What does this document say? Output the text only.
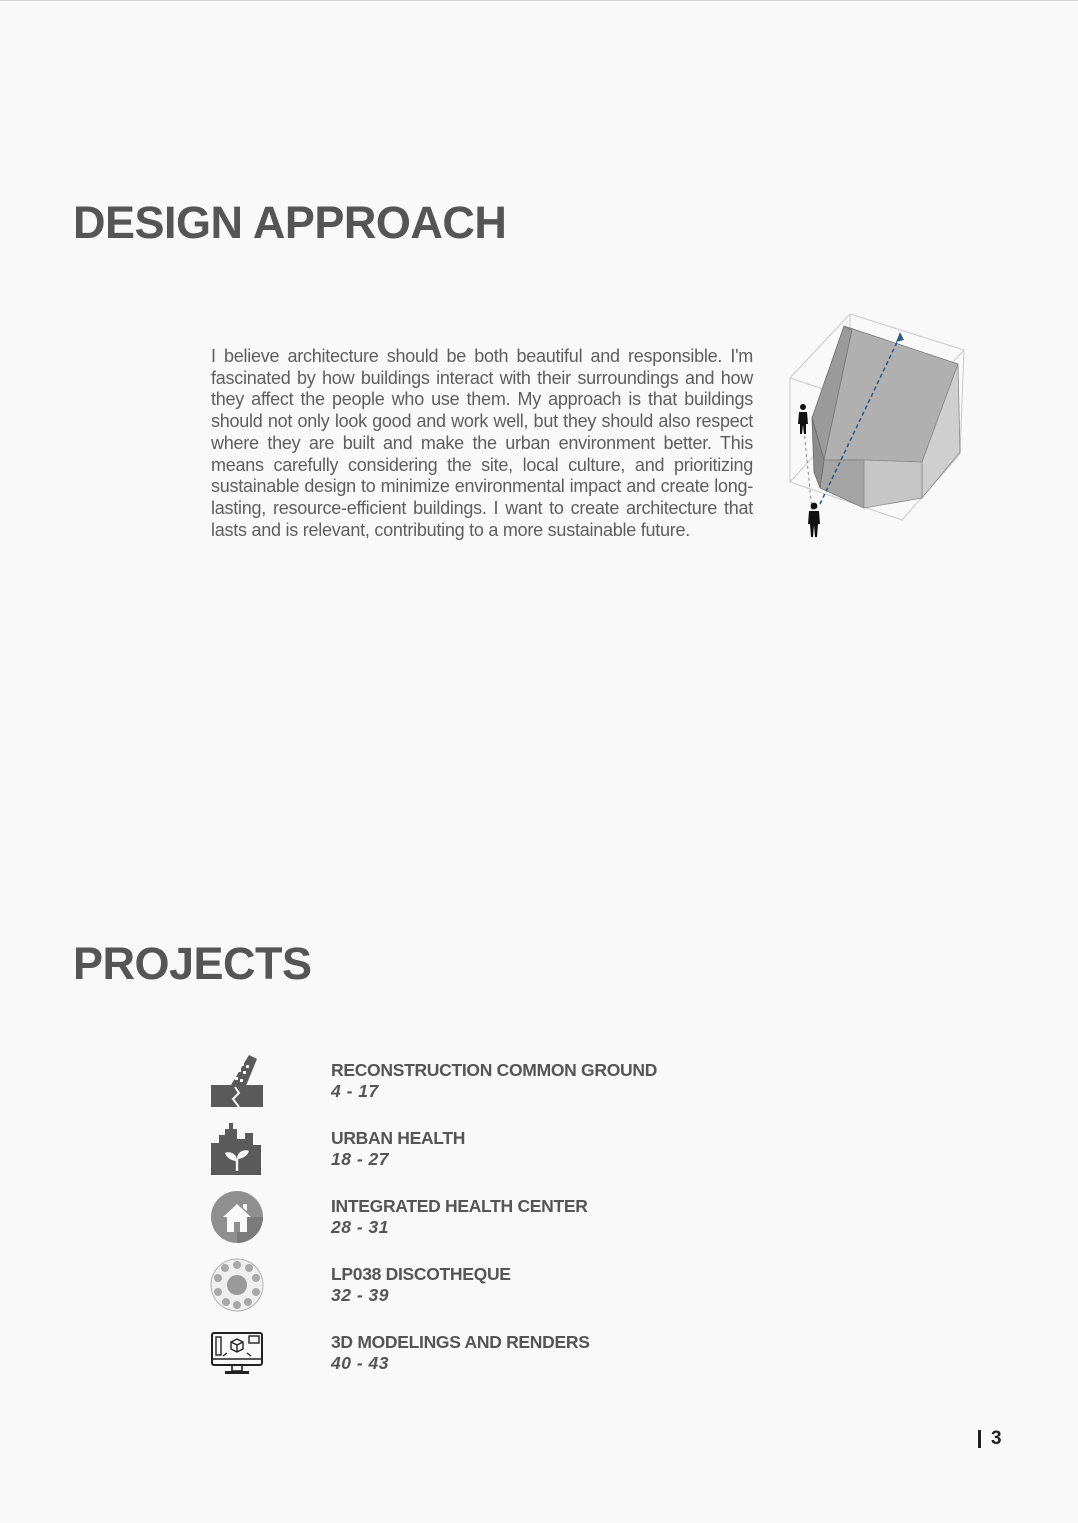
DESIGN APPROACH

I believe architecture should be both beautiful and responsible. I'm fascinated by how buildings interact with their surroundings and how they affect the people who use them. My approach is that buildings should not only look good and work well, but they should also respect where they are built and make the urban environment better. This means carefully considering the site, local culture, and prioritizing sustainable design to minimize environmental impact and create long-lasting, resource-efficient buildings. I want to create architecture that lasts and is relevant, contributing to a more sustainable future.

PROJECTS
RECONSTRUCTION COMMON GROUND
4 - 17
URBAN HEALTH
18 - 27
INTEGRATED HEALTH CENTER
28 - 31
LP038 DISCOTHEQUE
32 - 39
3D MODELINGS AND RENDERS
40 - 43
3
